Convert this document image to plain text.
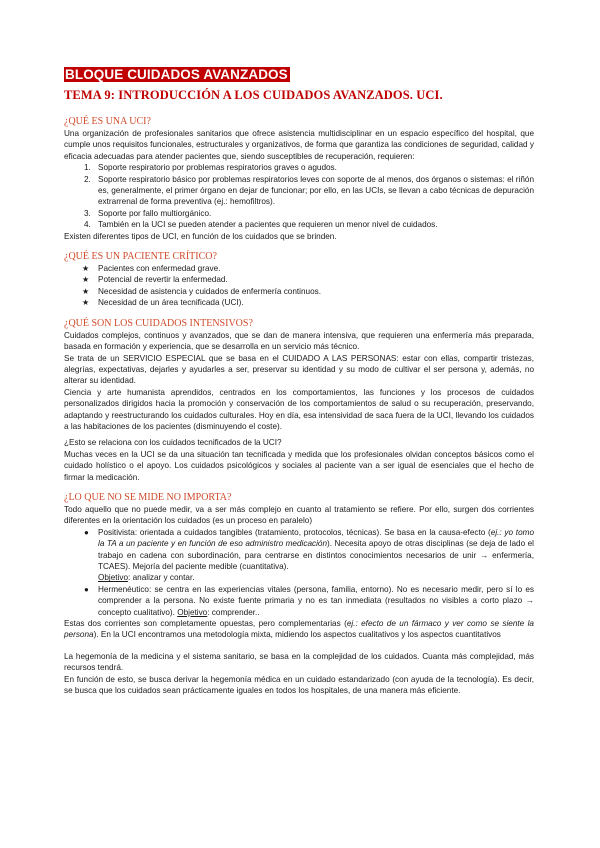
BLOQUE CUIDADOS AVANZADOS
TEMA 9: INTRODUCCIÓN A LOS CUIDADOS AVANZADOS. UCI.
¿QUÉ ES UNA UCI?

Una organización de profesionales sanitarios que ofrece asistencia multidisciplinar en un espacio específico del hospital, que cumple unos requisitos funcionales, estructurales y organizativos, de forma que garantiza las condiciones de seguridad, calidad y eficacia adecuadas para atender pacientes que, siendo susceptibles de recuperación, requieren:

1. Soporte respiratorio por problemas respiratorios graves o agudos.
2. Soporte respiratorio básico por problemas respiratorios leves con soporte de al menos, dos órganos o sistemas: el riñón es, generalmente, el primer órgano en dejar de funcionar; por ello, en las UCIs, se llevan a cabo técnicas de depuración extrarrenal de forma preventiva (ej.: hemofiltros).
3. Soporte por fallo multiorgánico.
4. También en la UCI se pueden atender a pacientes que requieren un menor nivel de cuidados.

Existen diferentes tipos de UCI, en función de los cuidados que se brinden.

¿QUÉ ES UN PACIENTE CRÍTICO?
★ Pacientes con enfermedad grave.
★ Potencial de revertir la enfermedad.
★ Necesidad de asistencia y cuidados de enfermería continuos.
★ Necesidad de un área tecnificada (UCI).
¿QUÉ SON LOS CUIDADOS INTENSIVOS?

Cuidados complejos, continuos y avanzados, que se dan de manera intensiva, que requieren una enfermería más preparada, basada en formación y experiencia, que se desarrolla en un servicio más técnico.

Se trata de un SERVICIO ESPECIAL que se basa en el CUIDADO A LAS PERSONAS: estar con ellas, compartir tristezas, alegrías, expectativas, dejarles y ayudarles a ser, preservar su identidad y su modo de cultivar el ser persona y, además, no alterar su identidad.

Ciencia y arte humanista aprendidos, centrados en los comportamientos, las funciones y los procesos de cuidados personalizados dirigidos hacia la promoción y conservación de los comportamientos de salud o su recuperación, preservando, adaptando y reestructurando los cuidados culturales. Hoy en día, esa intensividad de saca fuera de la UCI, llevando los cuidados a las habitaciones de los pacientes (disminuyendo el coste).

¿Esto se relaciona con los cuidados tecnificados de la UCI?

Muchas veces en la UCI se da una situación tan tecnificada y medida que los profesionales olvidan conceptos básicos como el cuidado holístico o el apoyo. Los cuidados psicológicos y sociales al paciente van a ser igual de esenciales que el hecho de firmar la medicación.

¿LO QUE NO SE MIDE NO IMPORTA?

Todo aquello que no puede medir, va a ser más complejo en cuanto al tratamiento se refiere. Por ello, surgen dos corrientes diferentes en la orientación los cuidados (es un proceso en paralelo)

● Positivista: orientada a cuidados tangibles (tratamiento, protocolos, técnicas). Se basa en la causa-efecto (ej.: yo tomo la TA a un paciente y en función de eso administro medicación). Necesita apoyo de otras disciplinas (se deja de lado el trabajo en cadena con subordinación, para centrarse en distintos conocimientos necesarios de unir → enfermería, TCAES). Mejoría del paciente medible (cuantitativa).
Objetivo: analizar y contar.
● Hermenéutico: se centra en las experiencias vitales (persona, familia, entorno). No es necesario medir, pero sí lo es comprender a la persona. No existe fuente primaria y no es tan inmediata (resultados no visibles a corto plazo → concepto cualitativo). Objetivo: comprender..

Estas dos corrientes son completamente opuestas, pero complementarias (ej.: efecto de un fármaco y ver como se siente la persona). En la UCI encontramos una metodología mixta, midiendo los aspectos cualitativos y los aspectos cuantitativos

La hegemonía de la medicina y el sistema sanitario, se basa en la complejidad de los cuidados. Cuanta más complejidad, más recursos tendrá.

En función de esto, se busca derivar la hegemonía médica en un cuidado estandarizado (con ayuda de la tecnología). Es decir, se busca que los cuidados sean prácticamente iguales en todos los hospitales, de una manera más eficiente.
